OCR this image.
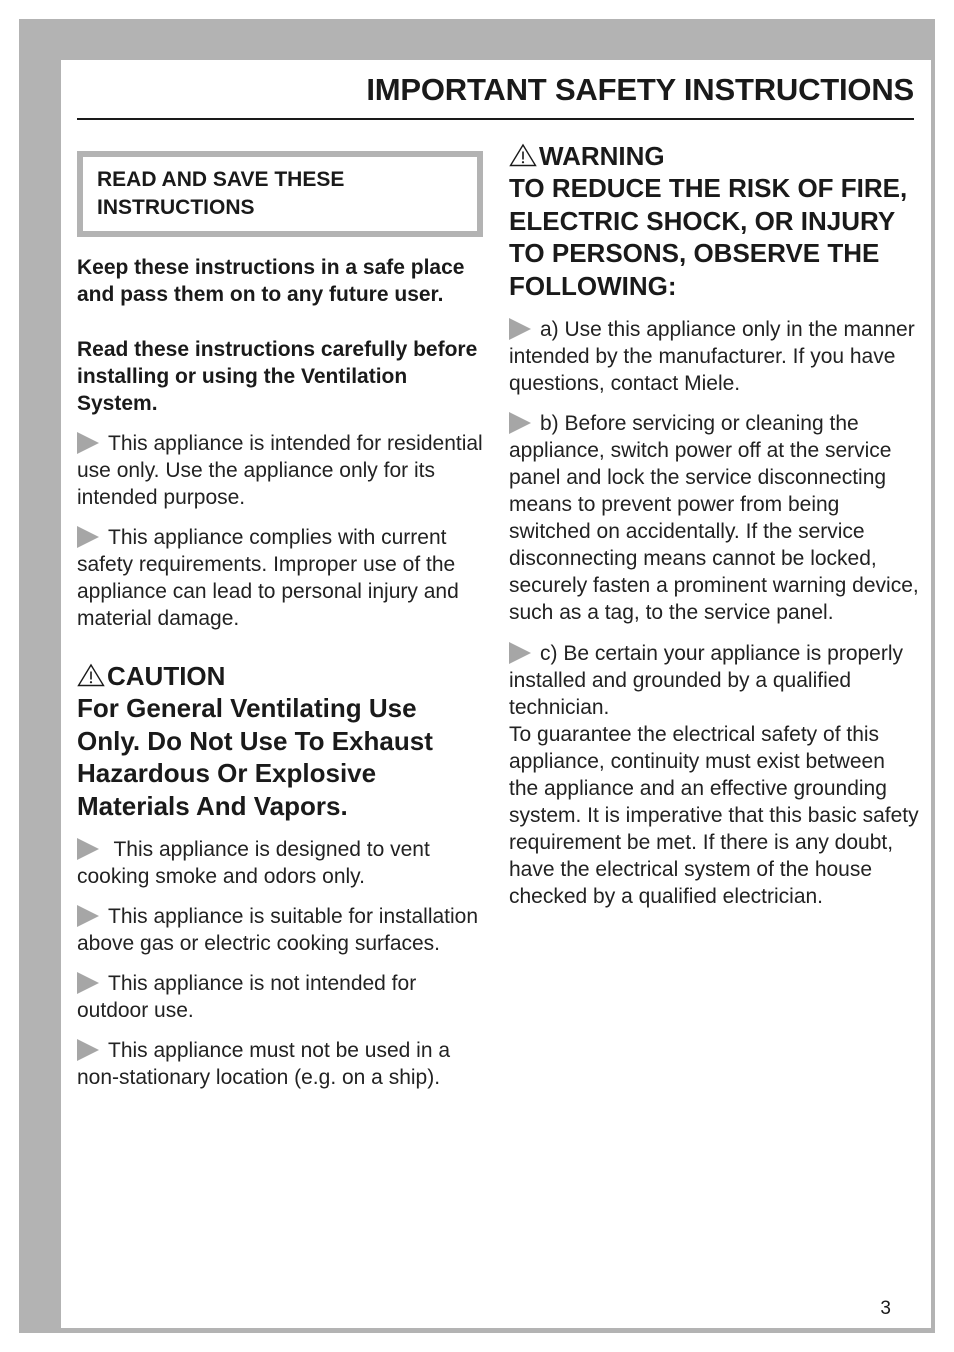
IMPORTANT SAFETY INSTRUCTIONS
READ AND SAVE THESE
INSTRUCTIONS

Keep these instructions in a safe place and pass them on to any future user.

Read these instructions carefully before installing or using the Ventilation System.

This appliance is intended for residential use only. Use the appliance only for its intended purpose.

This appliance complies with current safety requirements. Improper use of the appliance can lead to personal injury and material damage.

CAUTION

For General Ventilating Use Only. Do Not Use To Exhaust Hazardous Or Explosive Materials And Vapors.

This appliance is designed to vent cooking smoke and odors only.

This appliance is suitable for installation above gas or electric cooking surfaces.

This appliance is not intended for outdoor use.

This appliance must not be used in a non-stationary location (e.g. on a ship).

WARNING

TO REDUCE THE RISK OF FIRE, ELECTRIC SHOCK, OR INJURY TO PERSONS, OBSERVE THE FOLLOWING:

a) Use this appliance only in the manner intended by the manufacturer. If you have questions, contact Miele.

b) Before servicing or cleaning the appliance, switch power off at the service panel and lock the service disconnecting means to prevent power from being switched on accidentally. If the service disconnecting means cannot be locked, securely fasten a prominent warning device, such as a tag, to the service panel.

c) Be certain your appliance is properly installed and grounded by a qualified technician.

To guarantee the electrical safety of this appliance, continuity must exist between the appliance and an effective grounding system. It is imperative that this basic safety requirement be met. If there is any doubt, have the electrical system of the house checked by a qualified electrician.

3
